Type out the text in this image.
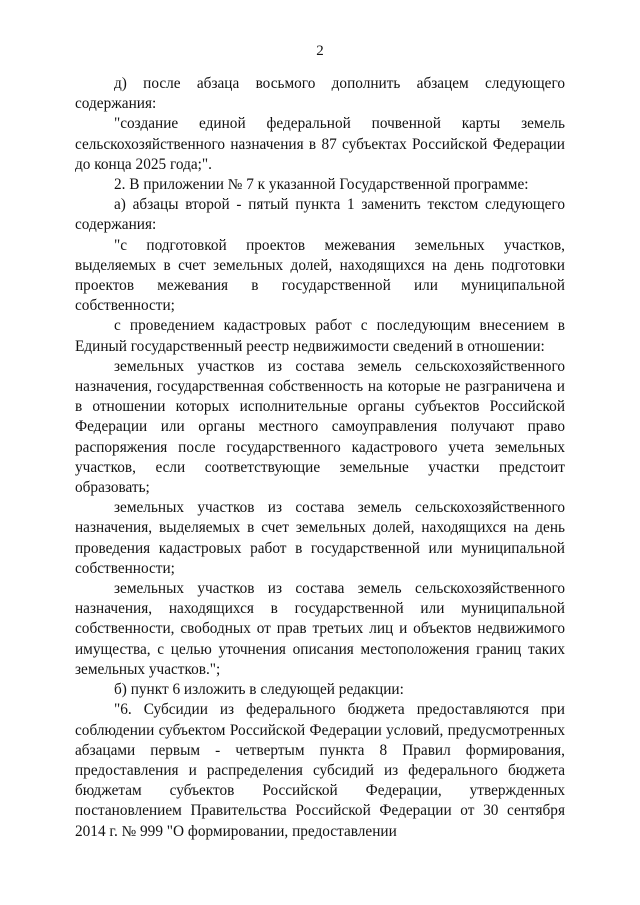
2

д) после абзаца восьмого дополнить абзацем следующего содержания:

"создание единой федеральной почвенной карты земель сельскохозяйственного назначения в 87 субъектах Российской Федерации до конца 2025 года;".

2. В приложении № 7 к указанной Государственной программе:

а) абзацы второй - пятый пункта 1 заменить текстом следующего содержания:

"с подготовкой проектов межевания земельных участков, выделяемых в счет земельных долей, находящихся на день подготовки проектов межевания в государственной или муниципальной собственности;

с проведением кадастровых работ с последующим внесением в Единый государственный реестр недвижимости сведений в отношении:

земельных участков из состава земель сельскохозяйственного назначения, государственная собственность на которые не разграничена и в отношении которых исполнительные органы субъектов Российской Федерации или органы местного самоуправления получают право распоряжения после государственного кадастрового учета земельных участков, если соответствующие земельные участки предстоит образовать;

земельных участков из состава земель сельскохозяйственного назначения, выделяемых в счет земельных долей, находящихся на день проведения кадастровых работ в государственной или муниципальной собственности;

земельных участков из состава земель сельскохозяйственного назначения, находящихся в государственной или муниципальной собственности, свободных от прав третьих лиц и объектов недвижимого имущества, с целью уточнения описания местоположения границ таких земельных участков.";

б) пункт 6 изложить в следующей редакции:

"6. Субсидии из федерального бюджета предоставляются при соблюдении субъектом Российской Федерации условий, предусмотренных абзацами первым - четвертым пункта 8 Правил формирования, предоставления и распределения субсидий из федерального бюджета бюджетам субъектов Российской Федерации, утвержденных постановлением Правительства Российской Федерации от 30 сентября 2014 г. № 999 "О формировании, предоставлении
